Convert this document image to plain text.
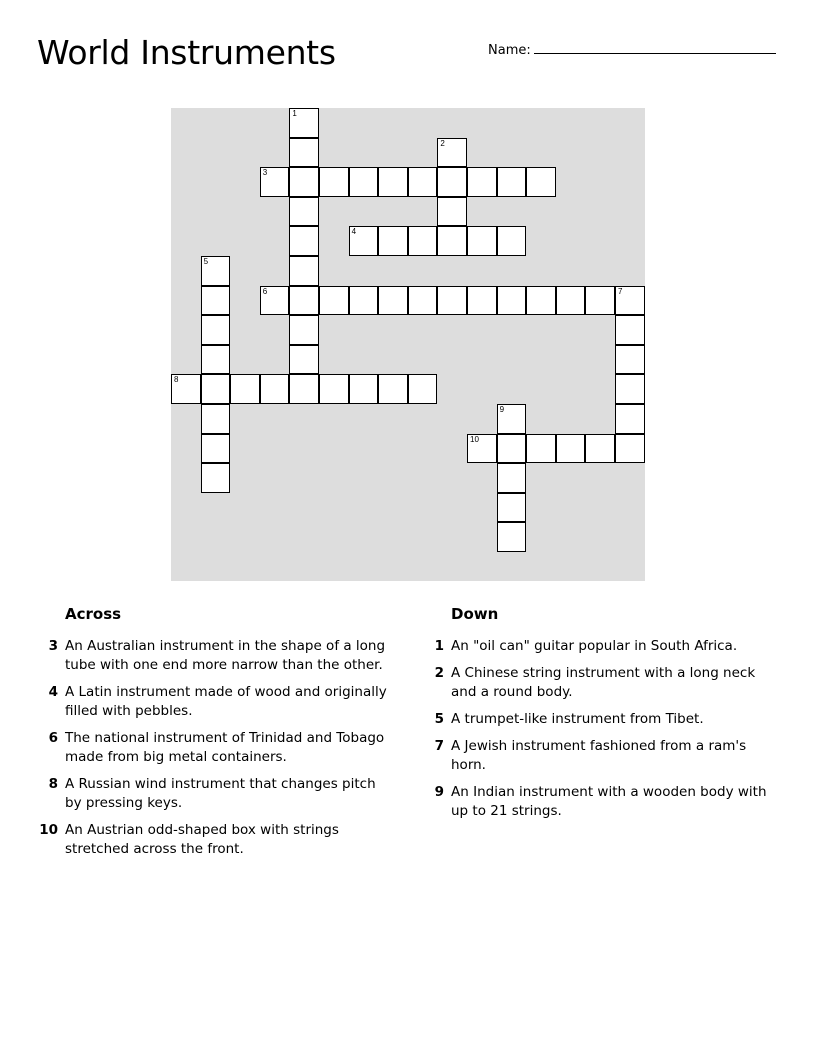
World Instruments	Name:
1
2
3
4
5
6	7
8
9
10
Across
3 An Australian instrument in the shape of a long tube with one end more narrow than the other.
4 A Latin instrument made of wood and originally filled with pebbles.
6 The national instrument of Trinidad and Tobago made from big metal containers.
8 A Russian wind instrument that changes pitch by pressing keys.
10 An Austrian odd-shaped box with strings stretched across the front.
Down
1 An "oil can" guitar popular in South Africa.
2 A Chinese string instrument with a long neck and a round body.
5 A trumpet-like instrument from Tibet.
7 A Jewish instrument fashioned from a ram's horn.
9 An Indian instrument with a wooden body with up to 21 strings.
